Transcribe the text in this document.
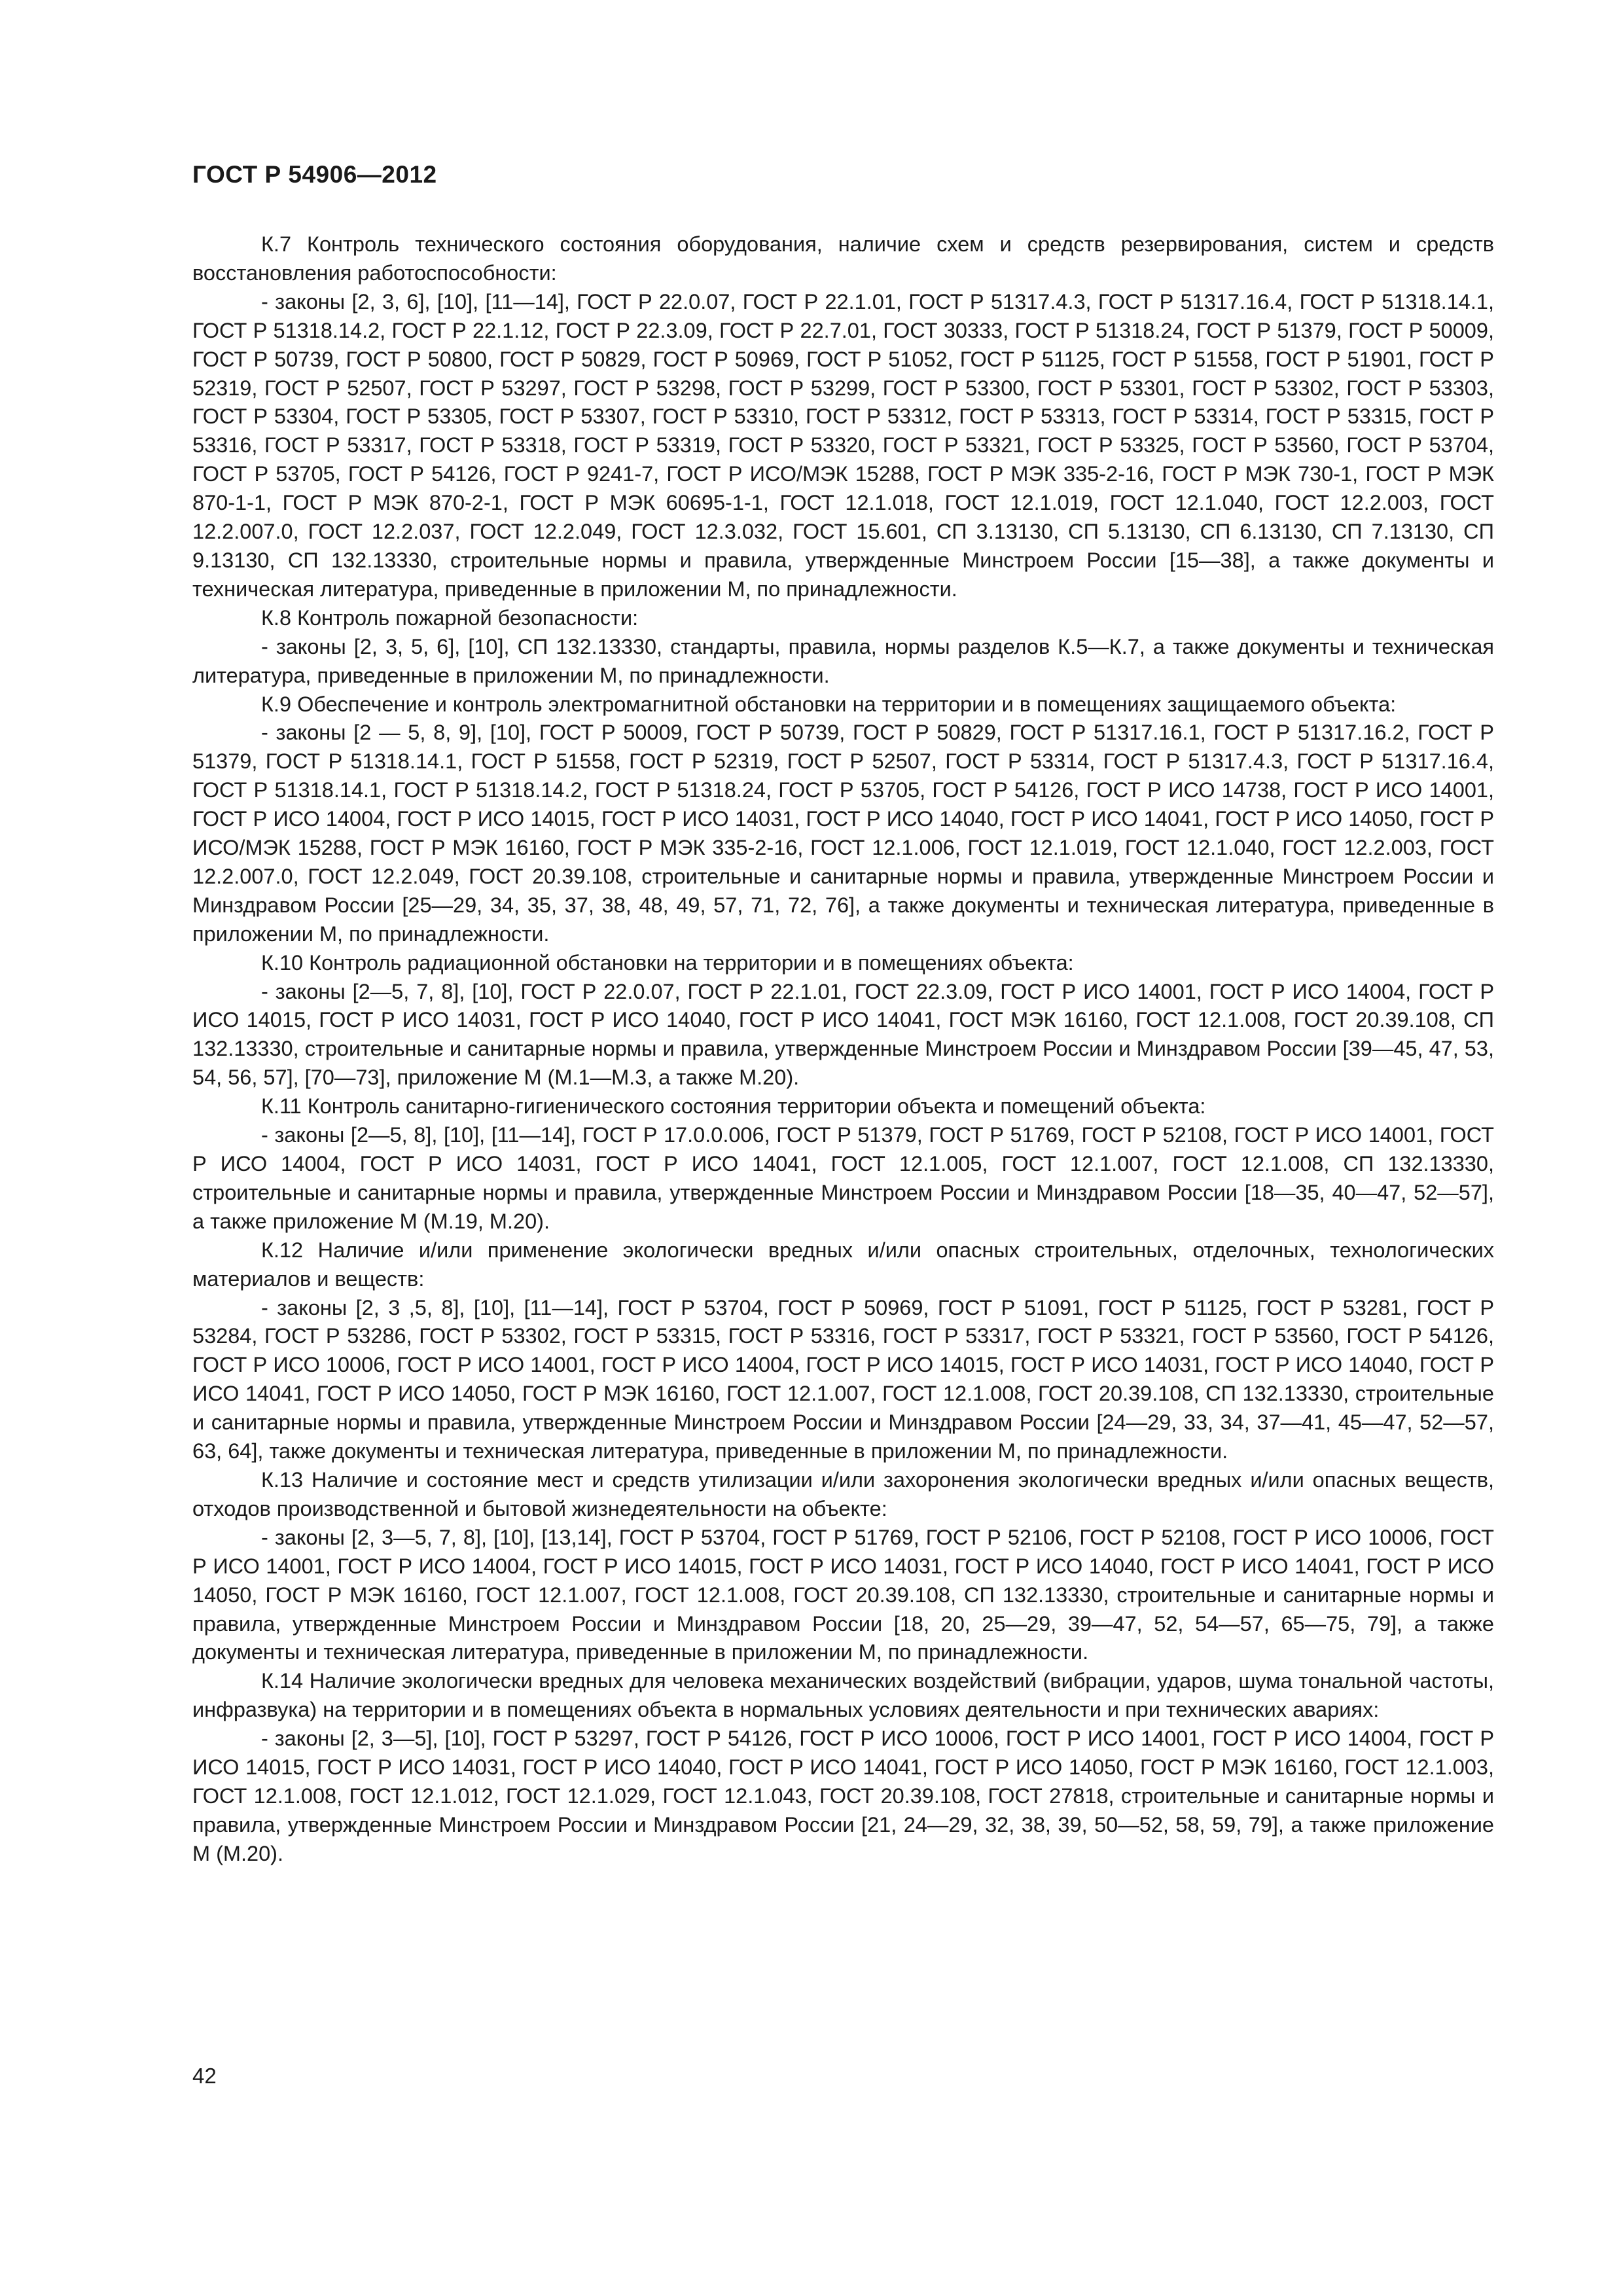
ГОСТ Р 54906—2012

К.7 Контроль технического состояния оборудования, наличие схем и средств резервирования, систем и средств восстановления работоспособности:

- законы [2, 3, 6], [10], [11—14], ГОСТ Р 22.0.07, ГОСТ Р 22.1.01, ГОСТ Р 51317.4.3, ГОСТ Р 51317.16.4, ГОСТ Р 51318.14.1, ГОСТ Р 51318.14.2, ГОСТ Р 22.1.12, ГОСТ Р 22.3.09, ГОСТ Р 22.7.01, ГОСТ 30333, ГОСТ Р 51318.24, ГОСТ Р 51379, ГОСТ Р 50009, ГОСТ Р 50739, ГОСТ Р 50800, ГОСТ Р 50829, ГОСТ Р 50969, ГОСТ Р 51052, ГОСТ Р 51125, ГОСТ Р 51558, ГОСТ Р 51901, ГОСТ Р 52319, ГОСТ Р 52507, ГОСТ Р 53297, ГОСТ Р 53298, ГОСТ Р 53299, ГОСТ Р 53300, ГОСТ Р 53301, ГОСТ Р 53302, ГОСТ Р 53303, ГОСТ Р 53304, ГОСТ Р 53305, ГОСТ Р 53307, ГОСТ Р 53310, ГОСТ Р 53312, ГОСТ Р 53313, ГОСТ Р 53314, ГОСТ Р 53315, ГОСТ Р 53316, ГОСТ Р 53317, ГОСТ Р 53318, ГОСТ Р 53319, ГОСТ Р 53320, ГОСТ Р 53321, ГОСТ Р 53325, ГОСТ Р 53560, ГОСТ Р 53704, ГОСТ Р 53705, ГОСТ Р 54126, ГОСТ Р 9241-7, ГОСТ Р ИСО/МЭК 15288, ГОСТ Р МЭК 335-2-16, ГОСТ Р МЭК 730-1, ГОСТ Р МЭК 870-1-1, ГОСТ Р МЭК 870-2-1, ГОСТ Р МЭК 60695-1-1, ГОСТ 12.1.018, ГОСТ 12.1.019, ГОСТ 12.1.040, ГОСТ 12.2.003, ГОСТ 12.2.007.0, ГОСТ 12.2.037, ГОСТ 12.2.049, ГОСТ 12.3.032, ГОСТ 15.601, СП 3.13130, СП 5.13130, СП 6.13130, СП 7.13130, СП 9.13130, СП 132.13330, строительные нормы и правила, утвержденные Минстроем России [15—38], а также документы и техническая литература, приведенные в приложении М, по принадлежности.

К.8 Контроль пожарной безопасности:

- законы [2, 3, 5, 6], [10], СП 132.13330, стандарты, правила, нормы разделов К.5—К.7, а также документы и техническая литература, приведенные в приложении М, по принадлежности.

К.9 Обеспечение и контроль электромагнитной обстановки на территории и в помещениях защищаемого объекта:

- законы [2 — 5, 8, 9], [10], ГОСТ Р 50009, ГОСТ Р 50739, ГОСТ Р 50829, ГОСТ Р 51317.16.1, ГОСТ Р 51317.16.2, ГОСТ Р 51379, ГОСТ Р 51318.14.1, ГОСТ Р 51558, ГОСТ Р 52319, ГОСТ Р 52507, ГОСТ Р 53314, ГОСТ Р 51317.4.3, ГОСТ Р 51317.16.4, ГОСТ Р 51318.14.1, ГОСТ Р 51318.14.2, ГОСТ Р 51318.24, ГОСТ Р 53705, ГОСТ Р 54126, ГОСТ Р ИСО 14738, ГОСТ Р ИСО 14001, ГОСТ Р ИСО 14004, ГОСТ Р ИСО 14015, ГОСТ Р ИСО 14031, ГОСТ Р ИСО 14040, ГОСТ Р ИСО 14041, ГОСТ Р ИСО 14050, ГОСТ Р ИСО/МЭК 15288, ГОСТ Р МЭК 16160, ГОСТ Р МЭК 335-2-16, ГОСТ 12.1.006, ГОСТ 12.1.019, ГОСТ 12.1.040, ГОСТ 12.2.003, ГОСТ 12.2.007.0, ГОСТ 12.2.049, ГОСТ 20.39.108, строительные и санитарные нормы и правила, утвержденные Минстроем России и Минздравом России [25—29, 34, 35, 37, 38, 48, 49, 57, 71, 72, 76], а также документы и техническая литература, приведенные в приложении М, по принадлежности.

К.10 Контроль радиационной обстановки на территории и в помещениях объекта:

- законы [2—5, 7, 8], [10], ГОСТ Р 22.0.07, ГОСТ Р 22.1.01, ГОСТ 22.3.09, ГОСТ Р ИСО 14001, ГОСТ Р ИСО 14004, ГОСТ Р ИСО 14015, ГОСТ Р ИСО 14031, ГОСТ Р ИСО 14040, ГОСТ Р ИСО 14041, ГОСТ МЭК 16160, ГОСТ 12.1.008, ГОСТ 20.39.108, СП 132.13330, строительные и санитарные нормы и правила, утвержденные Минстроем России и Минздравом России [39—45, 47, 53, 54, 56, 57], [70—73], приложение М (М.1—М.3, а также М.20).

К.11 Контроль санитарно-гигиенического состояния территории объекта и помещений объекта:

- законы [2—5, 8], [10], [11—14], ГОСТ Р 17.0.0.006, ГОСТ Р 51379, ГОСТ Р 51769, ГОСТ Р 52108, ГОСТ Р ИСО 14001, ГОСТ Р ИСО 14004, ГОСТ Р ИСО 14031, ГОСТ Р ИСО 14041, ГОСТ 12.1.005, ГОСТ 12.1.007, ГОСТ 12.1.008, СП 132.13330, строительные и санитарные нормы и правила, утвержденные Минстроем России и Минздравом России [18—35, 40—47, 52—57], а также приложение М (М.19, М.20).

К.12 Наличие и/или применение экологически вредных и/или опасных строительных, отделочных, технологических материалов и веществ:

- законы [2, 3 ,5, 8], [10], [11—14], ГОСТ Р 53704, ГОСТ Р 50969, ГОСТ Р 51091, ГОСТ Р 51125, ГОСТ Р 53281, ГОСТ Р 53284, ГОСТ Р 53286, ГОСТ Р 53302, ГОСТ Р 53315, ГОСТ Р 53316, ГОСТ Р 53317, ГОСТ Р 53321, ГОСТ Р 53560, ГОСТ Р 54126, ГОСТ Р ИСО 10006, ГОСТ Р ИСО 14001, ГОСТ Р ИСО 14004, ГОСТ Р ИСО 14015, ГОСТ Р ИСО 14031, ГОСТ Р ИСО 14040, ГОСТ Р ИСО 14041, ГОСТ Р ИСО 14050, ГОСТ Р МЭК 16160, ГОСТ 12.1.007, ГОСТ 12.1.008, ГОСТ 20.39.108, СП 132.13330, строительные и санитарные нормы и правила, утвержденные Минстроем России и Минздравом России [24—29, 33, 34, 37—41, 45—47, 52—57, 63, 64], также документы и техническая литература, приведенные в приложении М, по принадлежности.

К.13 Наличие и состояние мест и средств утилизации и/или захоронения экологически вредных и/или опасных веществ, отходов производственной и бытовой жизнедеятельности на объекте:

- законы [2, 3—5, 7, 8], [10], [13,14], ГОСТ Р 53704, ГОСТ Р 51769, ГОСТ Р 52106, ГОСТ Р 52108, ГОСТ Р ИСО 10006, ГОСТ Р ИСО 14001, ГОСТ Р ИСО 14004, ГОСТ Р ИСО 14015, ГОСТ Р ИСО 14031, ГОСТ Р ИСО 14040, ГОСТ Р ИСО 14041, ГОСТ Р ИСО 14050, ГОСТ Р МЭК 16160, ГОСТ 12.1.007, ГОСТ 12.1.008, ГОСТ 20.39.108, СП 132.13330, строительные и санитарные нормы и правила, утвержденные Минстроем России и Минздравом России [18, 20, 25—29, 39—47, 52, 54—57, 65—75, 79], а также документы и техническая литература, приведенные в приложении М, по принадлежности.

К.14 Наличие экологически вредных для человека механических воздействий (вибрации, ударов, шума тональной частоты, инфразвука) на территории и в помещениях объекта в нормальных условиях деятельности и при технических авариях:

- законы [2, 3—5], [10], ГОСТ Р 53297, ГОСТ Р 54126, ГОСТ Р ИСО 10006, ГОСТ Р ИСО 14001, ГОСТ Р ИСО 14004, ГОСТ Р ИСО 14015, ГОСТ Р ИСО 14031, ГОСТ Р ИСО 14040, ГОСТ Р ИСО 14041, ГОСТ Р ИСО 14050, ГОСТ Р МЭК 16160, ГОСТ 12.1.003, ГОСТ 12.1.008, ГОСТ 12.1.012, ГОСТ 12.1.029, ГОСТ 12.1.043, ГОСТ 20.39.108, ГОСТ 27818, строительные и санитарные нормы и правила, утвержденные Минстроем России и Минздравом России [21, 24—29, 32, 38, 39, 50—52, 58, 59, 79], а также приложение М (М.20).

42
